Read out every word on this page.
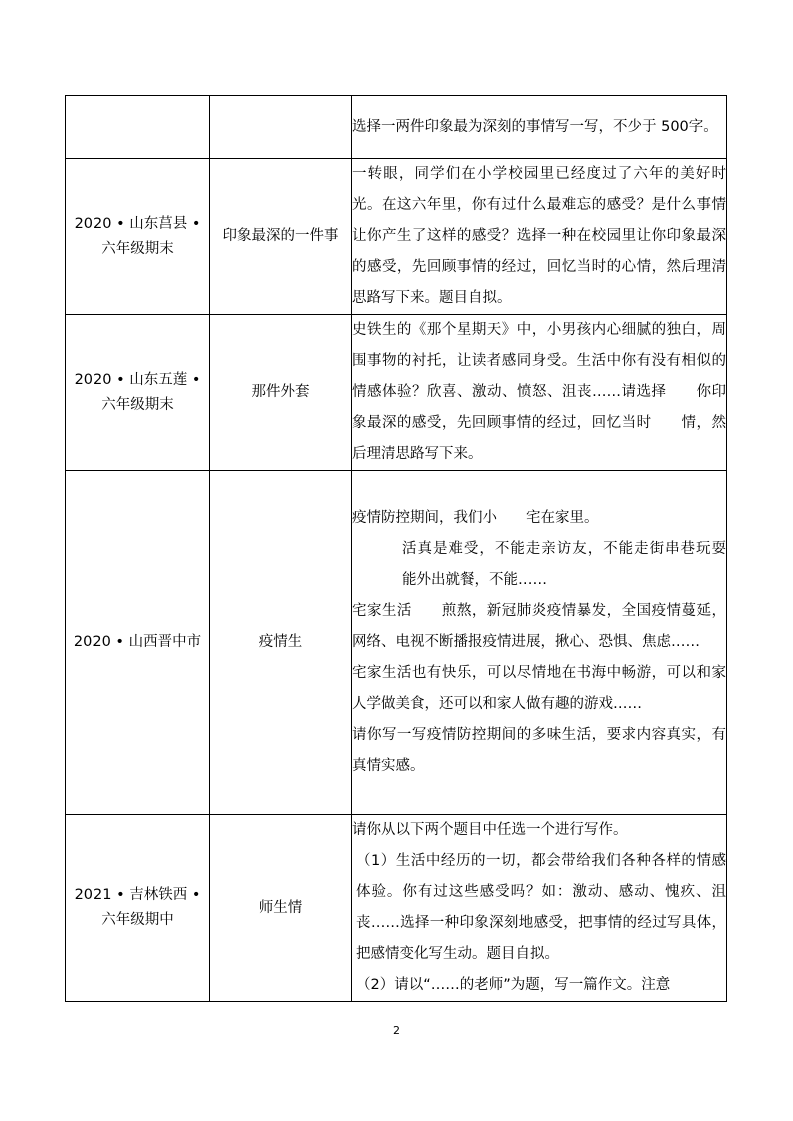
		选择一两件印象最为深刻的事情写一写，不少于 500字。

2020 • 山东莒县 • 六年级期末	印象最深的一件事	一转眼，同学们在小学校园里已经度过了六年的美好时光。在这六年里，你有过什么最难忘的感受？是什么事情让你产生了这样的感受？选择一种在校园里让你印象最深的感受，先回顾事情的经过，回忆当时的心情，然后理清思路写下来。题目自拟。

2020 • 山东五莲 • 六年级期末	那件外套	史铁生的《那个星期天》中，小男孩内心细腻的独白，周围事物的衬托，让读者感同身受。生活中你有没有相似的情感体验？欣喜、激动、愤怒、沮丧……请选择　　你印象最深的感受，先回顾事情的经过，回忆当时　　情，然后理清思路写下来。

2020 • 山西晋中市	疫情生	疫情防控期间，我们小　　宅在家里。
活真是难受，不能走亲访友，不能走街串巷玩耍　　能外出就餐，不能……
宅家生活　　煎熬，新冠肺炎疫情暴发，全国疫情蔓延，网络、电视不断播报疫情进展，揪心、恐惧、焦虑……
宅家生活也有快乐，可以尽情地在书海中畅游，可以和家人学做美食，还可以和家人做有趣的游戏……
请你写一写疫情防控期间的多味生活，要求内容真实，有真情实感。

2021 • 吉林铁西 • 六年级期中	师生情	请你从以下两个题目中任选一个进行写作。
（1）生活中经历的一切，都会带给我们各种各样的情感体验。你有过这些感受吗？如：激动、感动、愧疚、沮丧……选择一种印象深刻地感受，把事情的经过写具体，把感情变化写生动。题目自拟。
（2）请以“……的老师”为题，写一篇作文。注意
2
